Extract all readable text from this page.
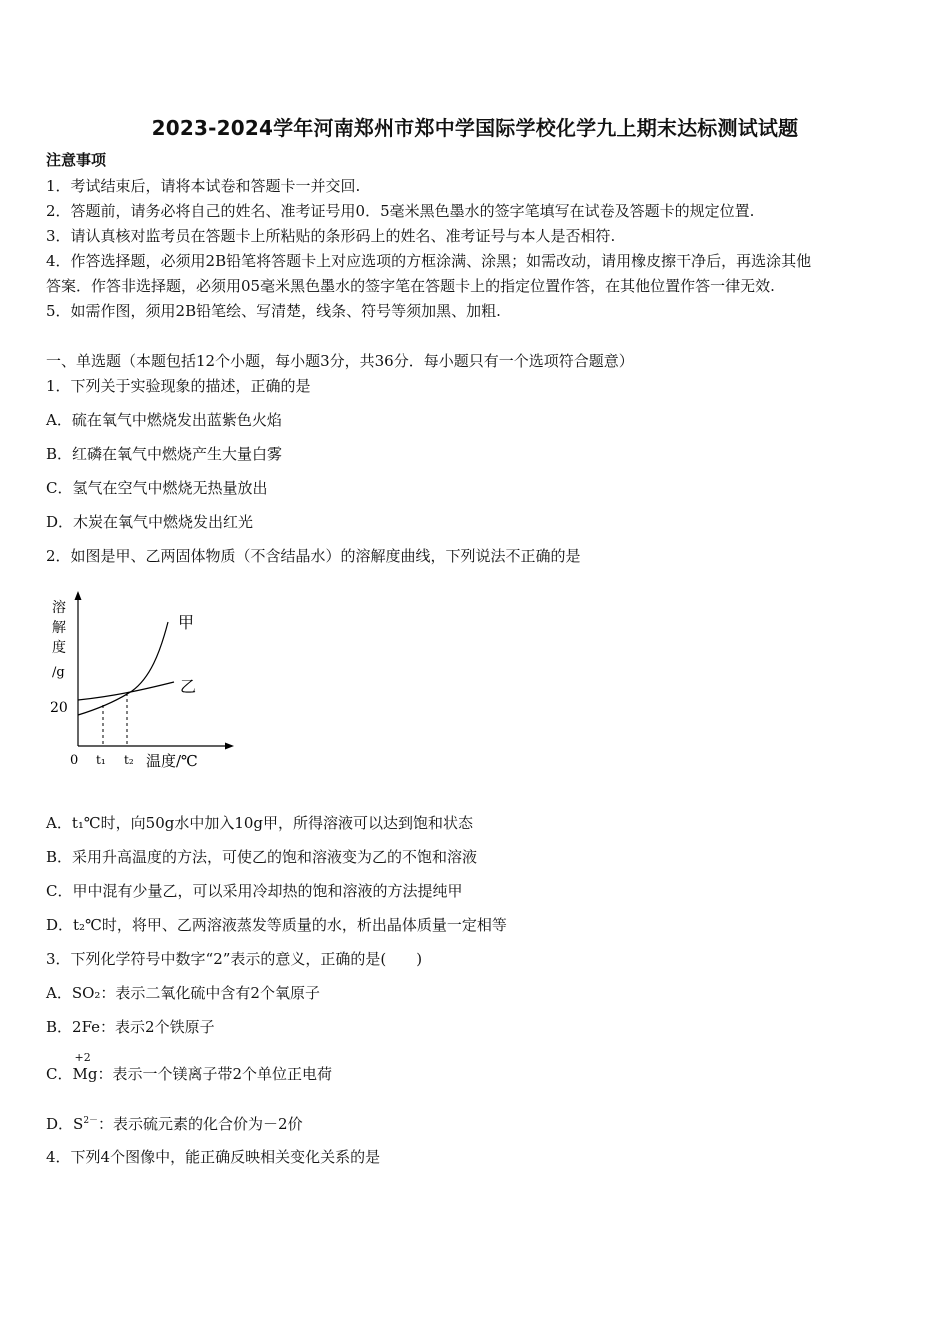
2023-2024学年河南郑州市郑中学国际学校化学九上期末达标测试试题
注意事项
1．考试结束后，请将本试卷和答题卡一并交回.
2．答题前，请务必将自己的姓名、准考证号用0．5毫米黑色墨水的签字笔填写在试卷及答题卡的规定位置.
3．请认真核对监考员在答题卡上所粘贴的条形码上的姓名、准考证号与本人是否相符.
4．作答选择题，必须用2B铅笔将答题卡上对应选项的方框涂满、涂黑；如需改动，请用橡皮擦干净后，再选涂其他
答案．作答非选择题，必须用05毫米黑色墨水的签字笔在答题卡上的指定位置作答，在其他位置作答一律无效.
5．如需作图，须用2B铅笔绘、写清楚，线条、符号等须加黑、加粗.
一、单选题（本题包括12个小题，每小题3分，共36分．每小题只有一个选项符合题意）
1．下列关于实验现象的描述，正确的是
A．硫在氧气中燃烧发出蓝紫色火焰
B．红磷在氧气中燃烧产生大量白雾
C．氢气在空气中燃烧无热量放出
D．木炭在氧气中燃烧发出红光
2．如图是甲、乙两固体物质（不含结晶水）的溶解度曲线，下列说法不正确的是
溶
解
度
/g
20
0 t₁ t₂ 温度/℃
甲
乙
A．t₁℃时，向50g水中加入10g甲，所得溶液可以达到饱和状态
B．采用升高温度的方法，可使乙的饱和溶液变为乙的不饱和溶液
C．甲中混有少量乙，可以采用冷却热的饱和溶液的方法提纯甲
D．t₂℃时，将甲、乙两溶液蒸发等质量的水，析出晶体质量一定相等
3．下列化学符号中数字“2”表示的意义，正确的是(　　)
A．SO₂：表示二氧化硫中含有2个氧原子
B．2Fe：表示2个铁原子
C．
+2
Mg：表示一个镁离子带2个单位正电荷
D．$S^{2-}$：表示硫元素的化合价为－2价
4．下列4个图像中，能正确反映相关变化关系的是
